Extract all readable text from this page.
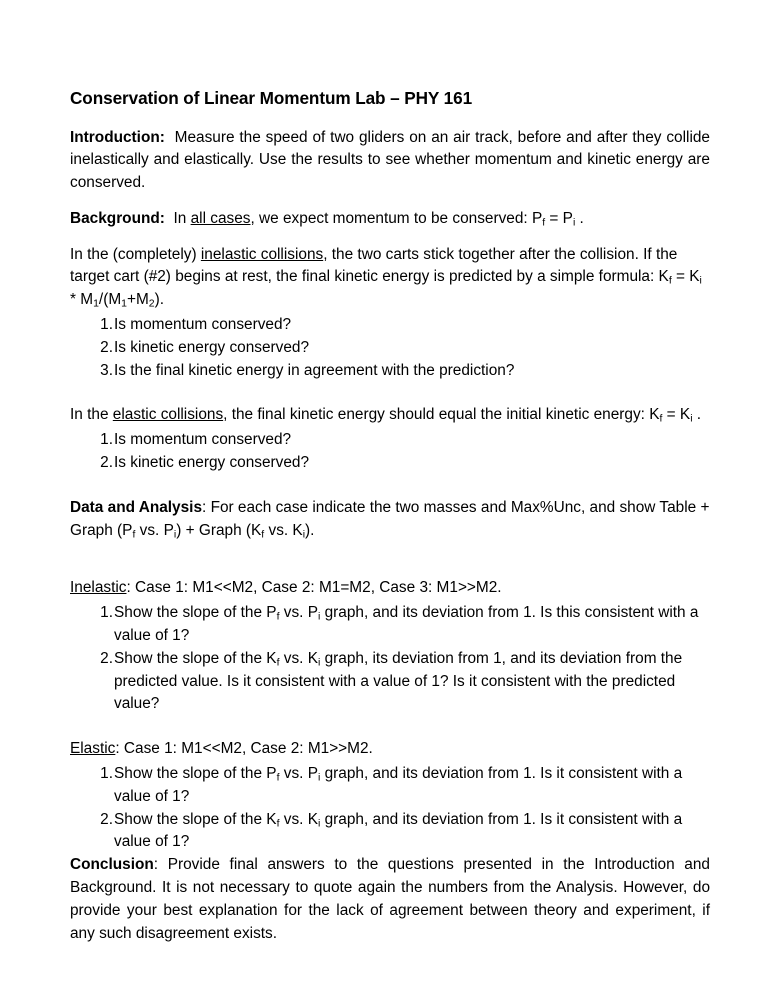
Conservation of Linear Momentum Lab – PHY 161

Introduction: Measure the speed of two gliders on an air track, before and after they collide inelastically and elastically. Use the results to see whether momentum and kinetic energy are conserved.

Background: In all cases, we expect momentum to be conserved: $P_f = P_i$ .

In the (completely) inelastic collisions, the two carts stick together after the collision. If the target cart (#2) begins at rest, the final kinetic energy is predicted by a simple formula: $K_f = K_i * M_1/(M_1+M_2)$.

1. Is momentum conserved?
2. Is kinetic energy conserved?
3. Is the final kinetic energy in agreement with the prediction?

In the elastic collisions, the final kinetic energy should equal the initial kinetic energy: $K_f = K_i$ .

1. Is momentum conserved?
2. Is kinetic energy conserved?

Data and Analysis: For each case indicate the two masses and Max%Unc, and show Table + Graph ($P_f$ vs. $P_i$) + Graph ($K_f$ vs. $K_i$).

Inelastic: Case 1: M1<<M2, Case 2: M1=M2, Case 3: M1>>M2.

1. Show the slope of the $P_f$ vs. $P_i$ graph, and its deviation from 1. Is this consistent with a value of 1?
2. Show the slope of the $K_f$ vs. $K_i$ graph, its deviation from 1, and its deviation from the predicted value. Is it consistent with a value of 1? Is it consistent with the predicted value?

Elastic: Case 1: M1<<M2, Case 2: M1>>M2.

1. Show the slope of the $P_f$ vs. $P_i$ graph, and its deviation from 1. Is it consistent with a value of 1?
2. Show the slope of the $K_f$ vs. $K_i$ graph, and its deviation from 1. Is it consistent with a value of 1?

Conclusion: Provide final answers to the questions presented in the Introduction and Background. It is not necessary to quote again the numbers from the Analysis. However, do provide your best explanation for the lack of agreement between theory and experiment, if any such disagreement exists.
